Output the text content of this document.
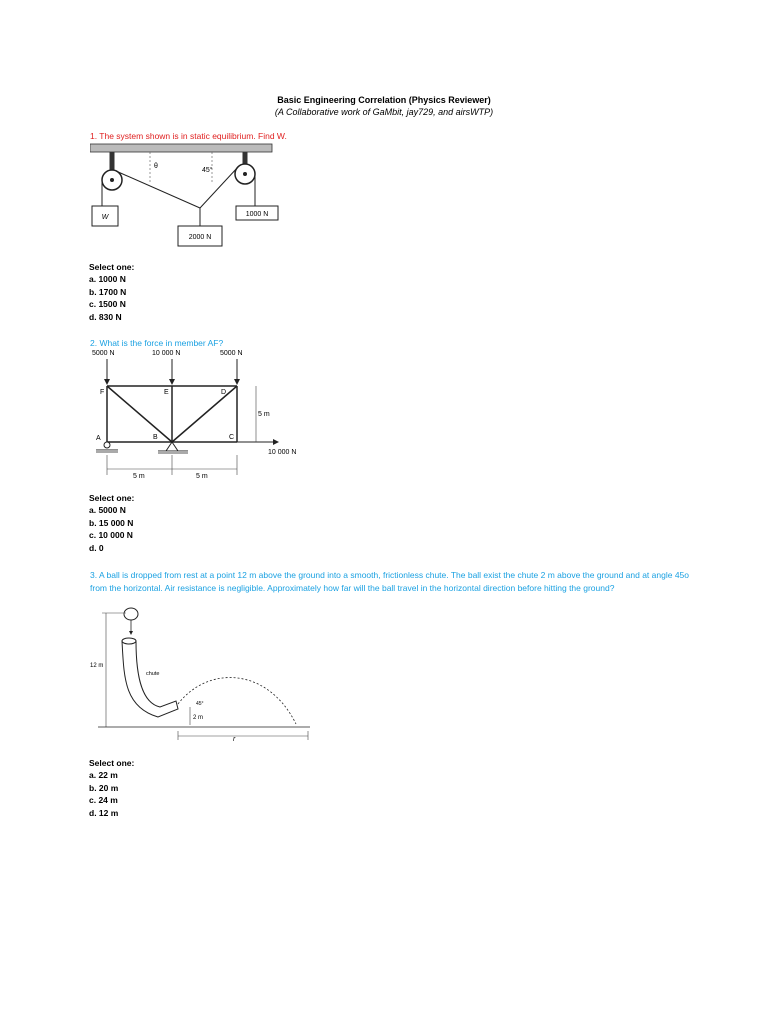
Basic Engineering Correlation (Physics Reviewer)
(A Collaborative work of GaMbit, jay729, and airsWTP)
1. The system shown is in static equilibrium. Find W.
θ
45°
W	1000 N
2000 N
Select one:
a. 1000 N
b. 1700 N
c. 1500 N
d. 830 N
2. What is the force in member AF?
5000 N	10 000 N	5000 N
F	E	D
A	B	C
10 000 N
5 m
5 m	5 m
Select one:
a. 5000 N
b. 15 000 N
c. 10 000 N
d. 0
3. A ball is dropped from rest at a point 12 m above the ground into a smooth, frictionless chute. The ball exist the chute 2 m above the ground and at angle 45o from the horizontal. Air resistance is negligible. Approximately how far will the ball travel in the horizontal direction before hitting the ground?
12 m
chute
45°
2 m
r
Select one:
a. 22 m
b. 20 m
c. 24 m
d. 12 m
